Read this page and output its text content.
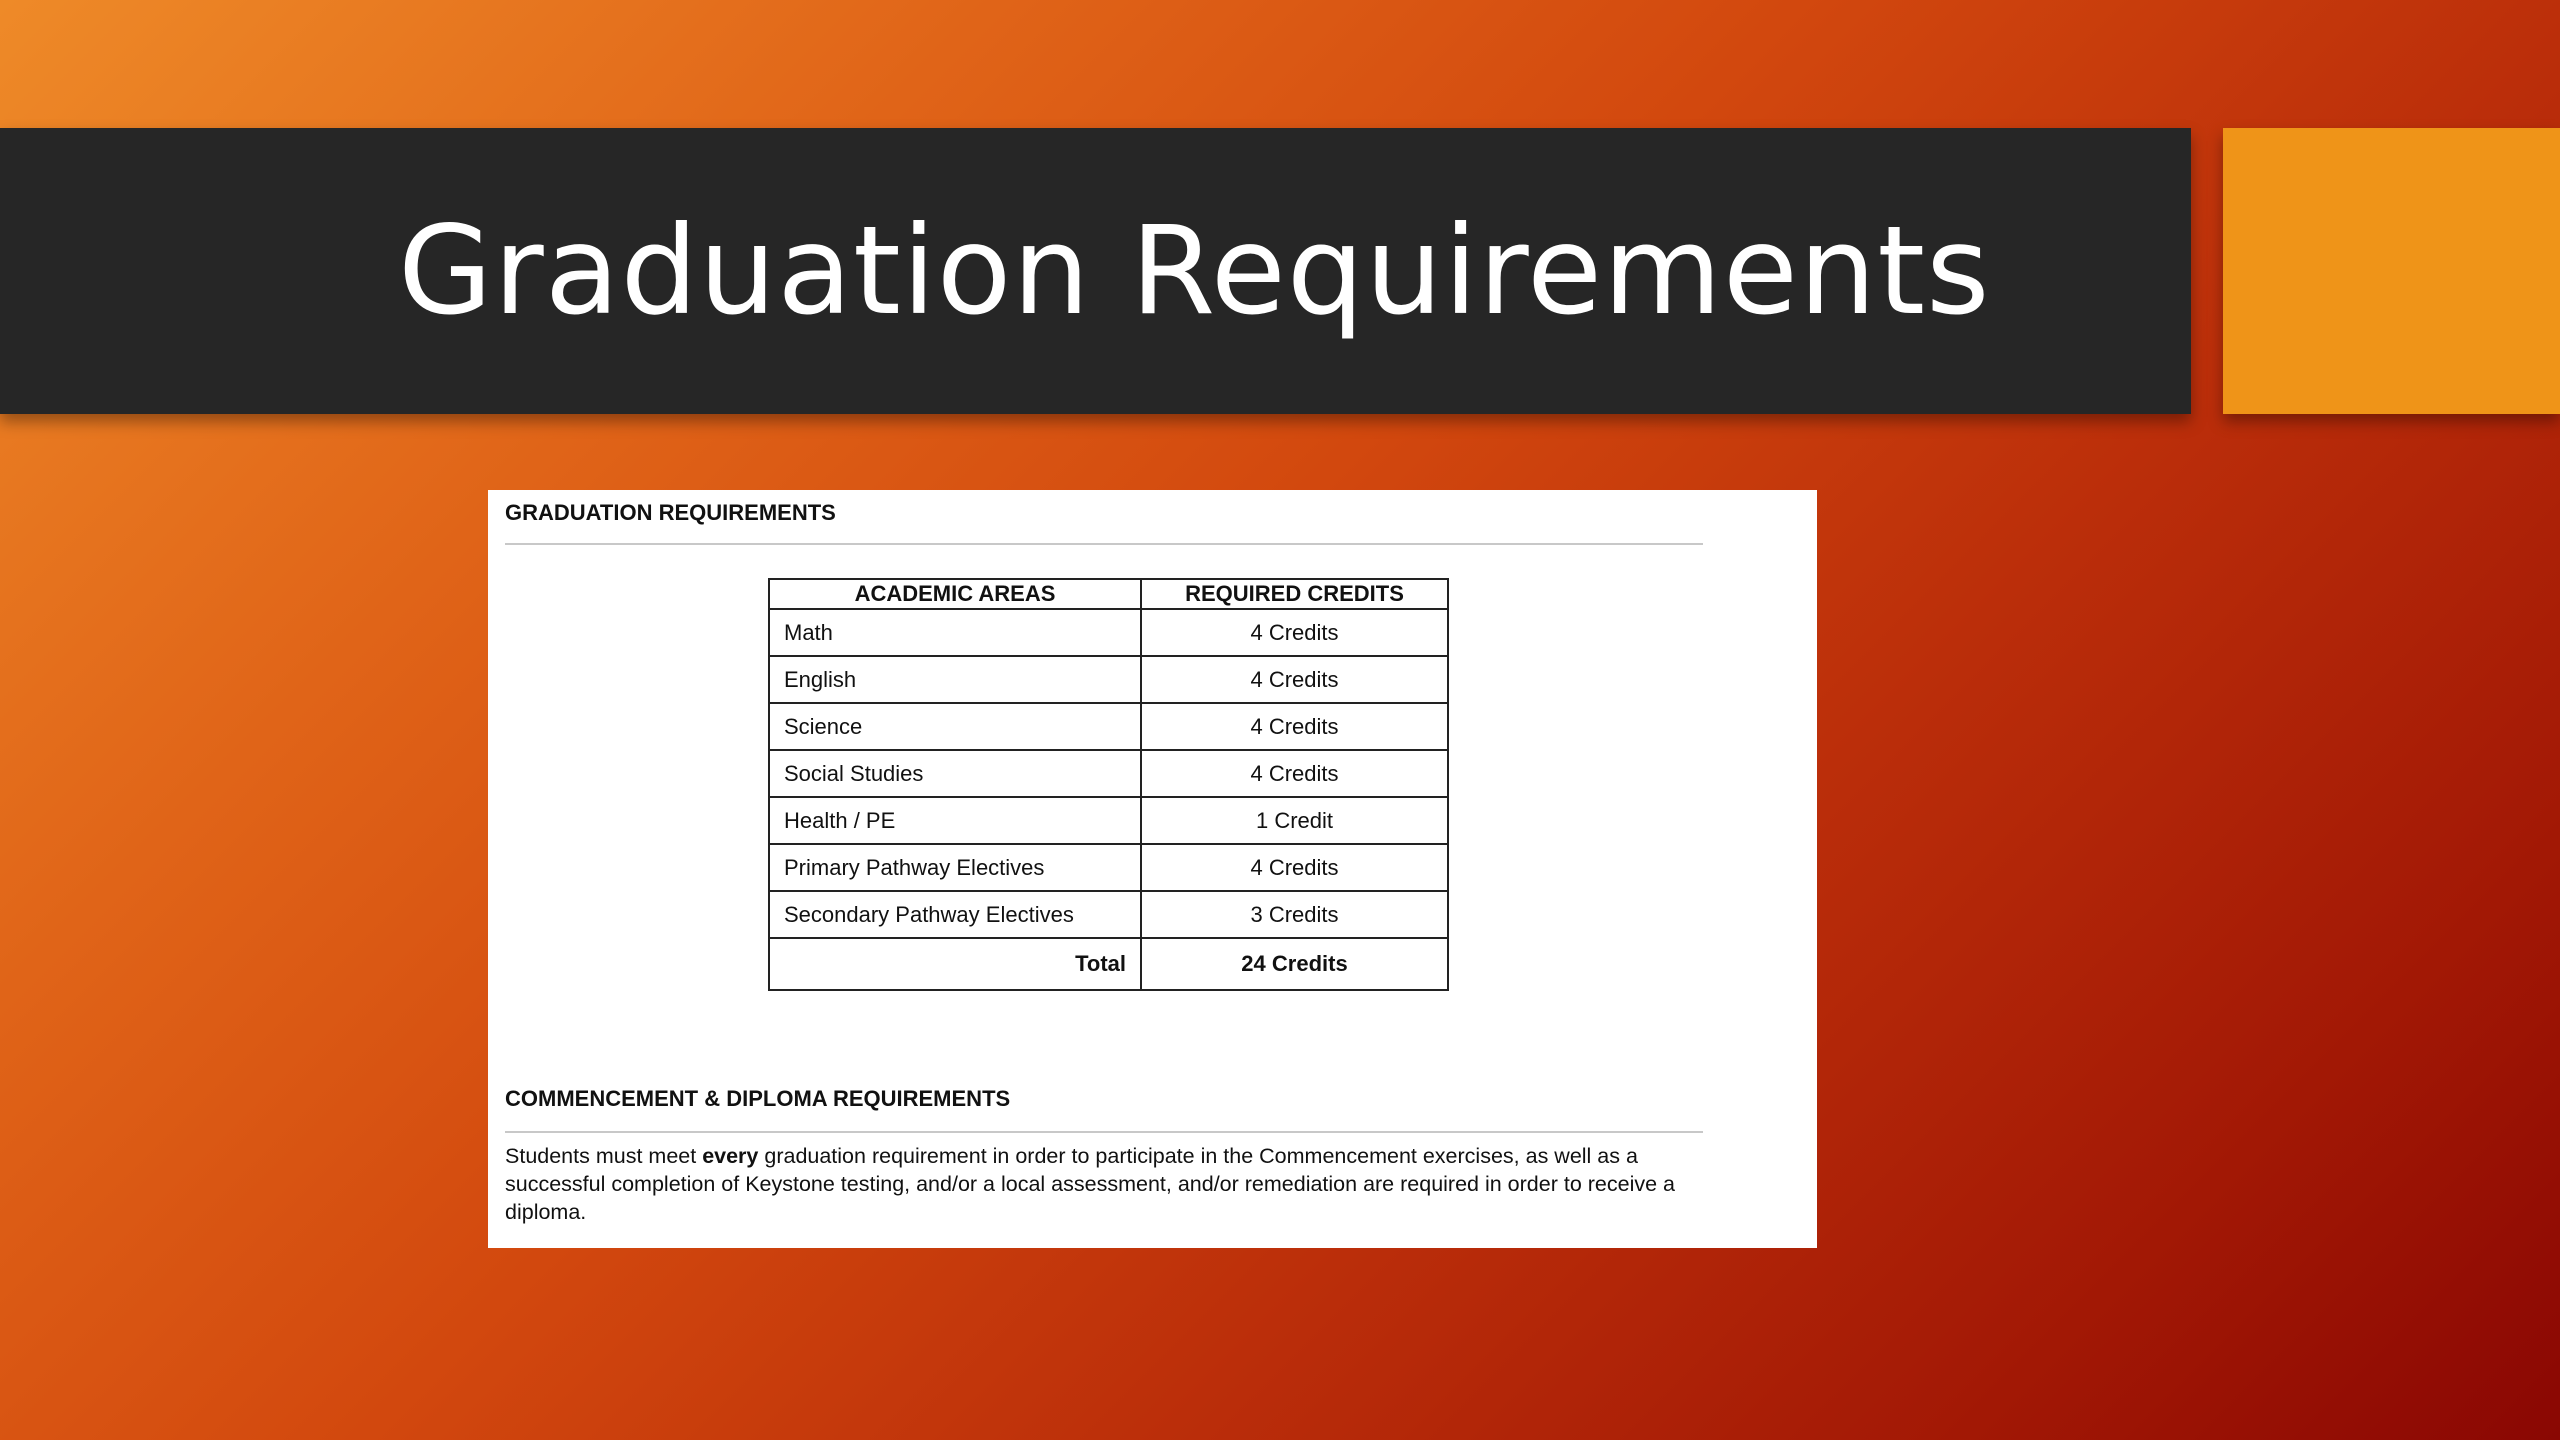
Graduation Requirements
GRADUATION REQUIREMENTS
ACADEMIC AREAS	REQUIRED CREDITS
Math	4 Credits
English	4 Credits
Science	4 Credits
Social Studies	4 Credits
Health / PE	1 Credit
Primary Pathway Electives	4 Credits
Secondary Pathway Electives	3 Credits
Total	24 Credits
COMMENCEMENT & DIPLOMA REQUIREMENTS
Students must meet every graduation requirement in order to participate in the Commencement exercises, as well as a successful completion of Keystone testing, and/or a local assessment, and/or remediation are required in order to receive a diploma.
